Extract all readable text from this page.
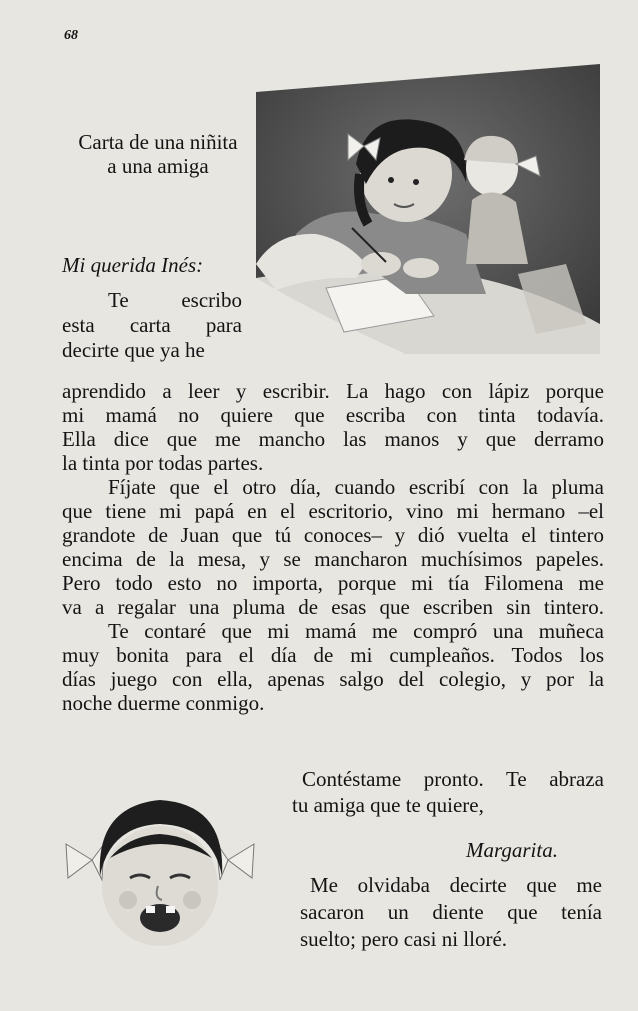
68
Carta de una niñita
a una amiga
Mi querida Inés:
Te escribo
esta carta para
decirte que ya he
aprendido a leer y escribir. La hago con lápiz porque
mi mamá no quiere que escriba con tinta todavía.
Ella dice que me mancho las manos y que derramo
la tinta por todas partes.
Fíjate que el otro día, cuando escribí con la pluma
que tiene mi papá en el escritorio, vino mi hermano –el
grandote de Juan que tú conoces– y dió vuelta el tintero
encima de la mesa, y se mancharon muchísimos papeles.
Pero todo esto no importa, porque mi tía Filomena me
va a regalar una pluma de esas que escriben sin tintero.
Te contaré que mi mamá me compró una muñeca
muy bonita para el día de mi cumpleaños. Todos los
días juego con ella, apenas salgo del colegio, y por la
noche duerme conmigo.
Contéstame pronto. Te abraza
tu amiga que te quiere,
Margarita.
Me olvidaba decirte que me
sacaron un diente que tenía
suelto; pero casi ni lloré.
